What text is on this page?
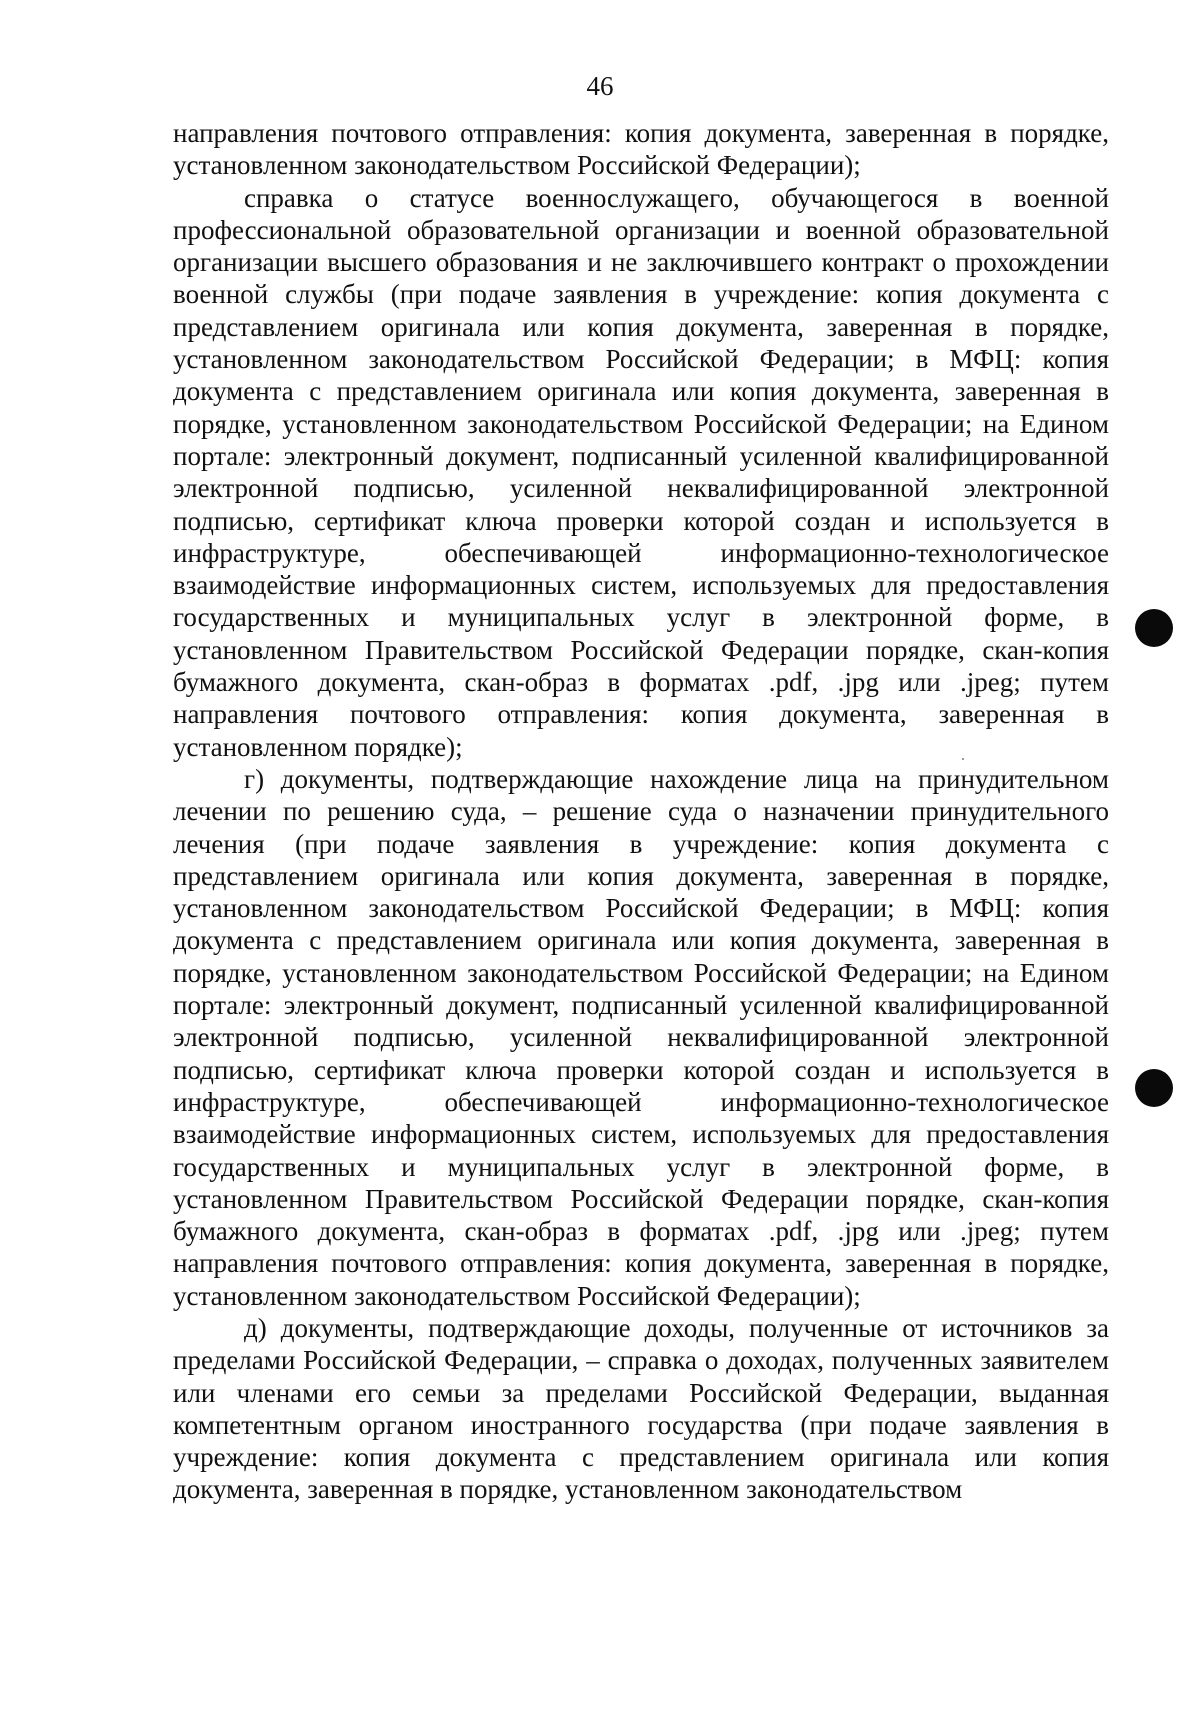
46

направления почтового отправления: копия документа, заверенная в порядке, установленном законодательством Российской Федерации);

справка о статусе военнослужащего, обучающегося в военной профессиональной образовательной организации и военной образовательной организации высшего образования и не заключившего контракт о прохождении военной службы (при подаче заявления в учреждение: копия документа с представлением оригинала или копия документа, заверенная в порядке, установленном законодательством Российской Федерации; в МФЦ: копия документа с представлением оригинала или копия документа, заверенная в порядке, установленном законодательством Российской Федерации; на Едином портале: электронный документ, подписанный усиленной квалифицированной электронной подписью, усиленной неквалифицированной электронной подписью, сертификат ключа проверки которой создан и используется в инфраструктуре, обеспечивающей информационно-технологическое взаимодействие информационных систем, используемых для предоставления государственных и муниципальных услуг в электронной форме, в установленном Правительством Российской Федерации порядке, скан-копия бумажного документа, скан-образ в форматах .pdf, .jpg или .jpeg; путем направления почтового отправления: копия документа, заверенная в установленном порядке);

г) документы, подтверждающие нахождение лица на принудительном лечении по решению суда, – решение суда о назначении принудительного лечения (при подаче заявления в учреждение: копия документа с представлением оригинала или копия документа, заверенная в порядке, установленном законодательством Российской Федерации; в МФЦ: копия документа с представлением оригинала или копия документа, заверенная в порядке, установленном законодательством Российской Федерации; на Едином портале: электронный документ, подписанный усиленной квалифицированной электронной подписью, усиленной неквалифицированной электронной подписью, сертификат ключа проверки которой создан и используется в инфраструктуре, обеспечивающей информационно-технологическое взаимодействие информационных систем, используемых для предоставления государственных и муниципальных услуг в электронной форме, в установленном Правительством Российской Федерации порядке, скан-копия бумажного документа, скан-образ в форматах .pdf, .jpg или .jpeg; путем направления почтового отправления: копия документа, заверенная в порядке, установленном законодательством Российской Федерации);

д) документы, подтверждающие доходы, полученные от источников за пределами Российской Федерации, – справка о доходах, полученных заявителем или членами его семьи за пределами Российской Федерации, выданная компетентным органом иностранного государства (при подаче заявления в учреждение: копия документа с представлением оригинала или копия документа, заверенная в порядке, установленном законодательством
